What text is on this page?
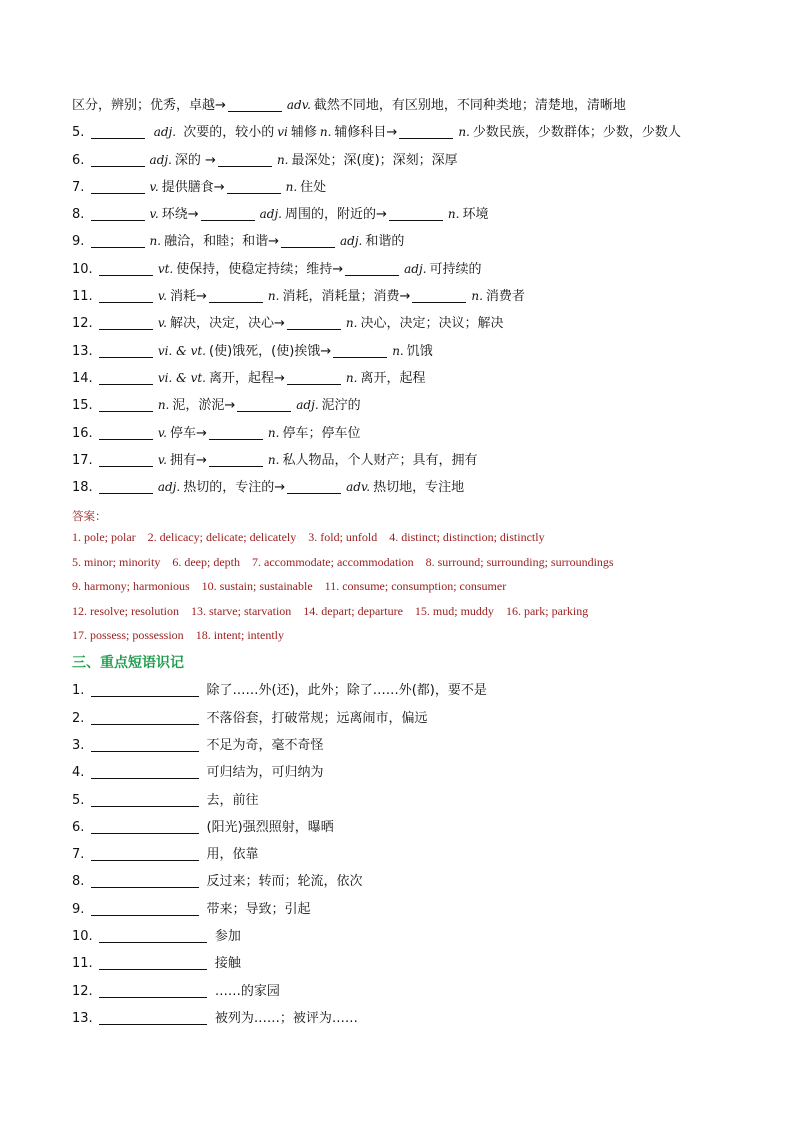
区分，辨别；优秀，卓越→	adv. 截然不同地，有区别地，不同种类地；清楚地，清晰地
5.	adj. 次要的，较小的 vi 辅修 n. 辅修科目→	n. 少数民族，少数群体；少数，少数人
6.	adj. 深的 →	n. 最深处；深(度)；深刻；深厚
7.	v. 提供膳食→	n. 住处
8.	v. 环绕→	adj. 周围的，附近的→	n. 环境
9.	n. 融洽，和睦；和谐→	adj. 和谐的
10.	vt. 使保持，使稳定持续；维持→	adj. 可持续的
11.	v. 消耗→	n. 消耗，消耗量；消费→	n. 消费者
12.	v. 解决，决定，决心→	n. 决心，决定；决议；解决
13.	vi. & vt. (使)饿死，(使)挨饿→	n. 饥饿
14.	vi. & vt. 离开，起程→	n. 离开，起程
15.	n. 泥，淤泥→	adj. 泥泞的
16.	v. 停车→	n. 停车；停车位
17.	v. 拥有→	n. 私人物品，个人财产；具有，拥有
18.	adj. 热切的，专注的→	adv. 热切地，专注地
答案：
1. pole; polar 2. delicacy; delicate; delicately 3. fold; unfold 4. distinct; distinction; distinctly
5. minor; minority 6. deep; depth 7. accommodate; accommodation 8. surround; surrounding; surroundings
9. harmony; harmonious 10. sustain; sustainable 11. consume; consumption; consumer
12. resolve; resolution 13. starve; starvation 14. depart; departure 15. mud; muddy 16. park; parking
17. possess; possession 18. intent; intently
三、重点短语识记
1.	除了……外(还)，此外；除了……外(都)，要不是
2.	不落俗套，打破常规；远离闹市，偏远
3.	不足为奇，毫不奇怪
4.	可归结为，可归纳为
5.	去，前往
6.	(阳光)强烈照射，曝晒
7.	用，依靠
8.	反过来；转而；轮流，依次
9.	带来；导致；引起
10.	参加
11.	接触
12.	……的家园
13.	被列为……；被评为……
